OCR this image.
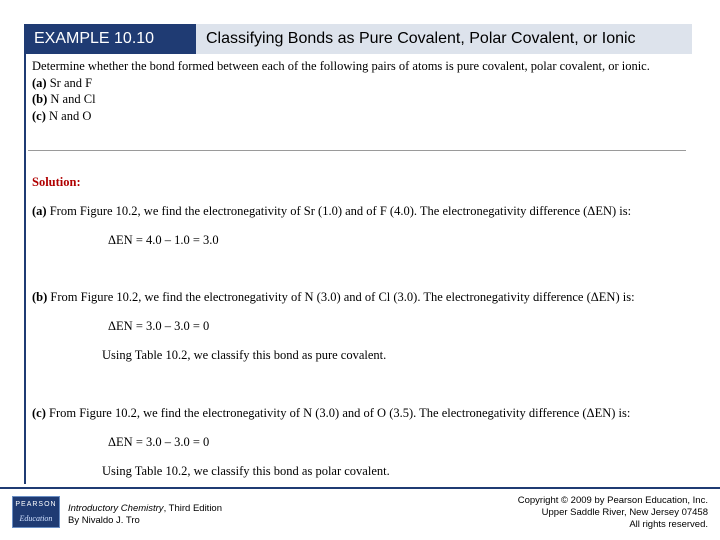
EXAMPLE 10.10	Classifying Bonds as Pure Covalent, Polar Covalent, or Ionic

Determine whether the bond formed between each of the following pairs of atoms is pure covalent, polar covalent, or ionic.

(a) Sr and F

(b) N and Cl

(c) N and O

Solution:

(a) From Figure 10.2, we find the electronegativity of Sr (1.0) and of F (4.0). The electronegativity difference (ΔEN) is:

ΔEN = 4.0 – 1.0 = 3.0

(b) From Figure 10.2, we find the electronegativity of N (3.0) and of Cl (3.0). The electronegativity difference (ΔEN) is:

ΔEN = 3.0 – 3.0 = 0

Using Table 10.2, we classify this bond as pure covalent.

(c) From Figure 10.2, we find the electronegativity of N (3.0) and of O (3.5). The electronegativity difference (ΔEN) is:

ΔEN = 3.0 – 3.0 = 0

Using Table 10.2, we classify this bond as polar covalent.

PEARSON
Education
Introductory Chemistry, Third Edition
By Nivaldo J. Tro
Copyright © 2009 by Pearson Education, Inc.
Upper Saddle River, New Jersey 07458
All rights reserved.
